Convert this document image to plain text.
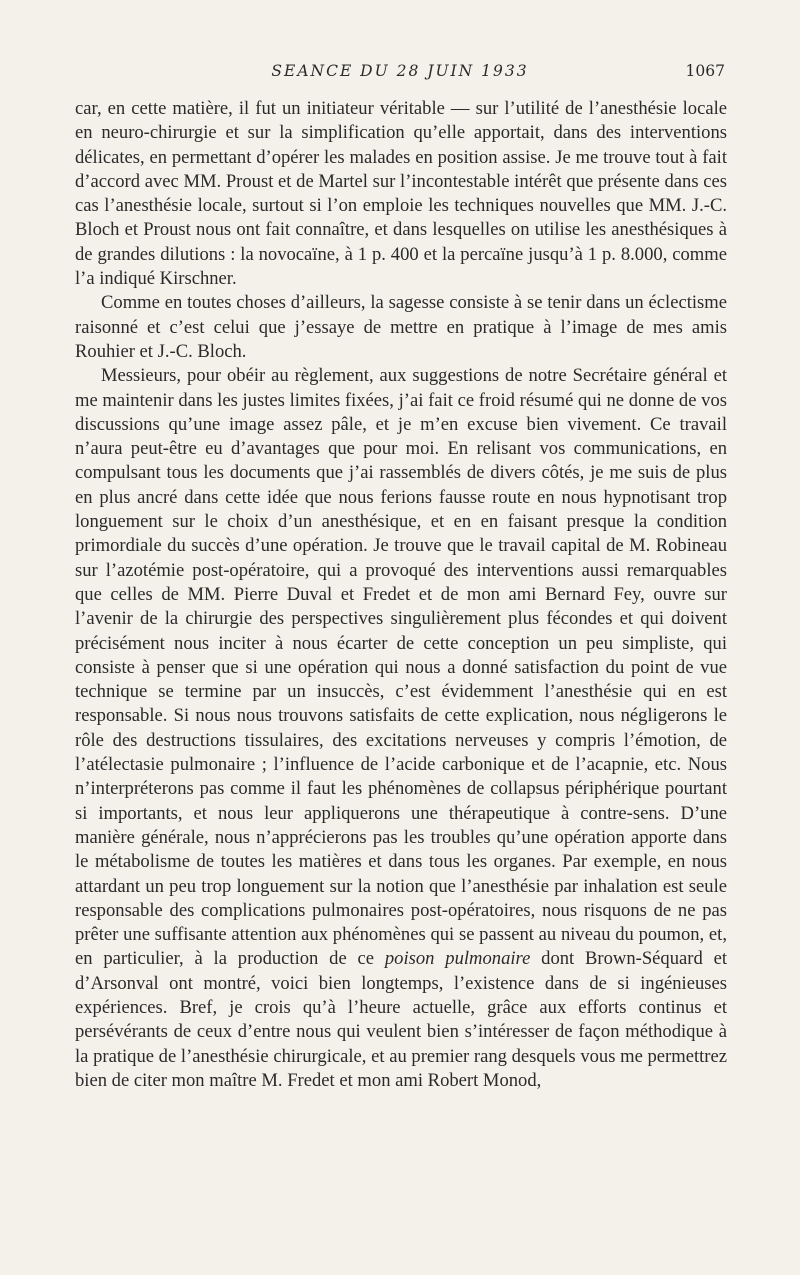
SEANCE DU 28 JUIN 1933	1067

car, en cette matière, il fut un initiateur véritable — sur l’utilité de l’anesthésie locale en neuro-chirurgie et sur la simplification qu’elle apportait, dans des interventions délicates, en permettant d’opérer les malades en position assise. Je me trouve tout à fait d’accord avec MM. Proust et de Martel sur l’incontestable intérêt que présente dans ces cas l’anesthésie locale, surtout si l’on emploie les techniques nouvelles que MM. J.-C. Bloch et Proust nous ont fait connaître, et dans lesquelles on utilise les anesthésiques à de grandes dilutions : la novocaïne, à 1 p. 400 et la percaïne jusqu’à 1 p. 8.000, comme l’a indiqué Kirschner.

Comme en toutes choses d’ailleurs, la sagesse consiste à se tenir dans un éclectisme raisonné et c’est celui que j’essaye de mettre en pratique à l’image de mes amis Rouhier et J.-C. Bloch.

Messieurs, pour obéir au règlement, aux suggestions de notre Secrétaire général et me maintenir dans les justes limites fixées, j’ai fait ce froid résumé qui ne donne de vos discussions qu’une image assez pâle, et je m’en excuse bien vivement. Ce travail n’aura peut-être eu d’avantages que pour moi. En relisant vos communications, en compulsant tous les documents que j’ai rassemblés de divers côtés, je me suis de plus en plus ancré dans cette idée que nous ferions fausse route en nous hypnotisant trop longuement sur le choix d’un anesthésique, et en en faisant presque la condition primordiale du succès d’une opération. Je trouve que le travail capital de M. Robineau sur l’azotémie post-opératoire, qui a provoqué des interventions aussi remarquables que celles de MM. Pierre Duval et Fredet et de mon ami Bernard Fey, ouvre sur l’avenir de la chirurgie des perspectives singulièrement plus fécondes et qui doivent précisément nous inciter à nous écarter de cette conception un peu simpliste, qui consiste à penser que si une opération qui nous a donné satisfaction du point de vue technique se termine par un insuccès, c’est évidemment l’anesthésie qui en est responsable. Si nous nous trouvons satisfaits de cette explication, nous négligerons le rôle des destructions tissulaires, des excitations nerveuses y compris l’émotion, de l’atélectasie pulmonaire ; l’influence de l’acide carbonique et de l’acapnie, etc. Nous n’interpréterons pas comme il faut les phénomènes de collapsus périphérique pourtant si importants, et nous leur appliquerons une thérapeutique à contre-sens. D’une manière générale, nous n’apprécierons pas les troubles qu’une opération apporte dans le métabolisme de toutes les matières et dans tous les organes. Par exemple, en nous attardant un peu trop longuement sur la notion que l’anesthésie par inhalation est seule responsable des complications pulmonaires post-opératoires, nous risquons de ne pas prêter une suffisante attention aux phénomènes qui se passent au niveau du poumon, et, en particulier, à la production de ce poison pulmonaire dont Brown-Séquard et d’Arsonval ont montré, voici bien longtemps, l’existence dans de si ingénieuses expériences. Bref, je crois qu’à l’heure actuelle, grâce aux efforts continus et persévérants de ceux d’entre nous qui veulent bien s’intéresser de façon méthodique à la pratique de l’anesthésie chirurgicale, et au premier rang desquels vous me permettrez bien de citer mon maître M. Fredet et mon ami Robert Monod,
